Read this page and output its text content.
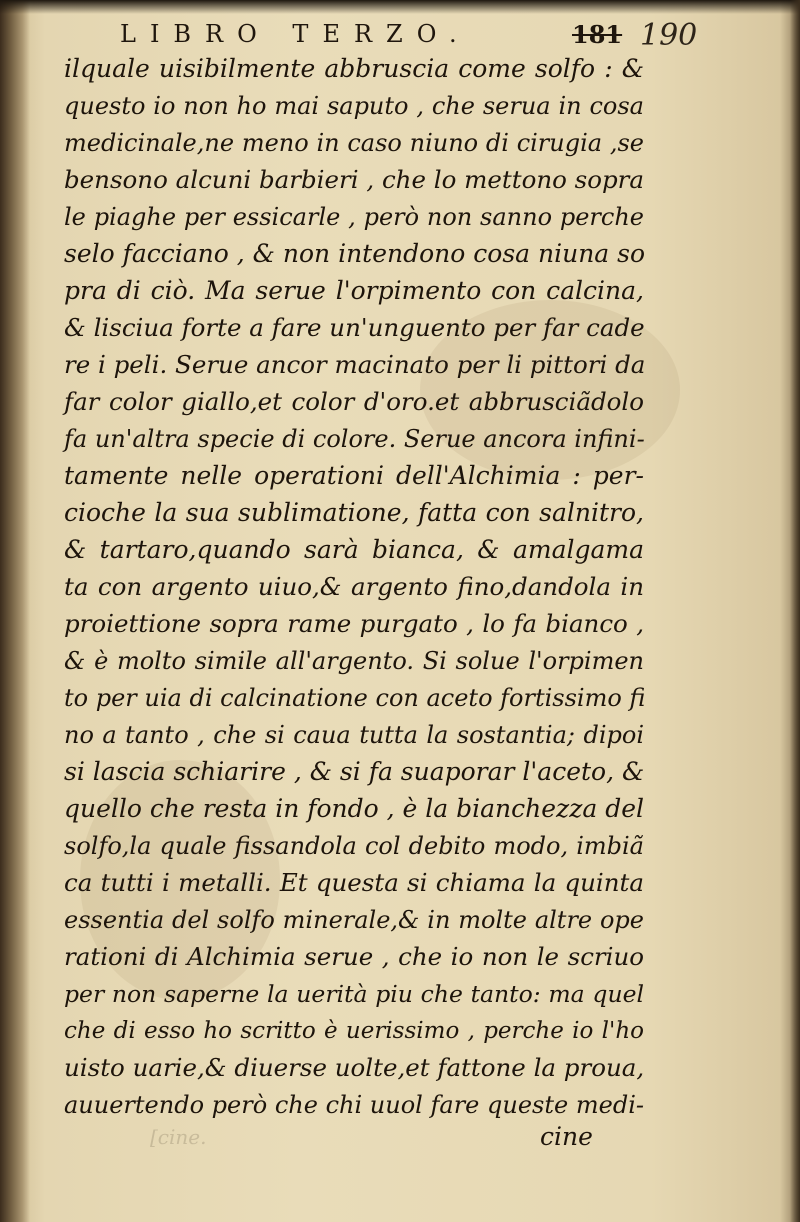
LIBRO TERZO.	181 190
ilquale uisibilmente abbruscia come solfo : &
questo io non ho mai saputo , che serua in cosa
medicinale,ne meno in caso niuno di cirugia ,se
bensono alcuni barbieri , che lo mettono sopra
le piaghe per essicarle , però non sanno perche
selo facciano , & non intendono cosa niuna so
pra di ciò. Ma serue l'orpimento con calcina,
& lisciua forte a fare un'unguento per far cade
re i peli. Serue ancor macinato per li pittori da
far color giallo,et color d'oro.et abbrusciãdolo
fa un'altra specie di colore. Serue ancora infini-
tamente nelle operationi dell'Alchimia : per-
cioche la sua sublimatione, fatta con salnitro,
& tartaro,quando sarà bianca, & amalgama
ta con argento uiuo,& argento fino,dandola in
proiettione sopra rame purgato , lo fa bianco ,
& è molto simile all'argento. Si solue l'orpimen
to per uia di calcinatione con aceto fortissimo fi
no a tanto , che si caua tutta la sostantia; dipoi
si lascia schiarire , & si fa suaporar l'aceto, &
quello che resta in fondo , è la bianchezza del
solfo,la quale fissandola col debito modo, imbiã
ca tutti i metalli. Et questa si chiama la quinta
essentia del solfo minerale,& in molte altre ope
rationi di Alchimia serue , che io non le scriuo
per non saperne la uerità piu che tanto: ma quel
che di esso ho scritto è uerissimo , perche io l'ho
uisto uarie,& diuerse uolte,et fattone la proua,
auuertendo però che chi uuol fare queste medi-
cine
[cine.
